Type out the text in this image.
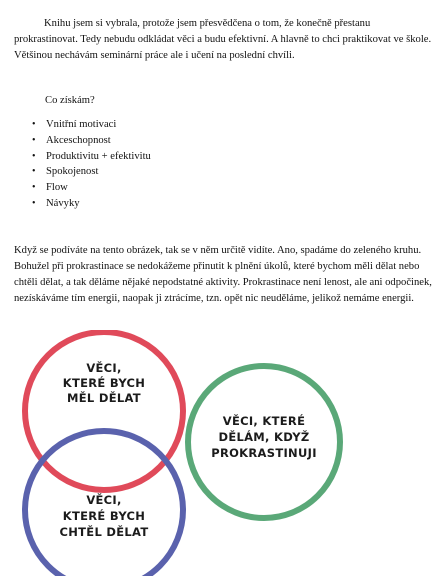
Knihu jsem si vybrala, protože jsem přesvědčena o tom, že konečně přestanu prokrastinovat. Tedy nebudu odkládat věci a budu efektivní. A hlavně to chci praktikovat ve škole. Většinou nechávám seminární práce ale i učení na poslední chvíli.

Co získám?

• Vnitřní motivaci
• Akceschopnost
• Produktivitu + efektivitu
• Spokojenost
• Flow
• Návyky

Když se podíváte na tento obrázek, tak se v něm určitě vidíte. Ano, spadáme do zeleného kruhu. Bohužel při prokrastinace se nedokážeme přinutit k plnění úkolů, které bychom měli dělat nebo chtěli dělat, a tak děláme nějaké nepodstatné aktivity. Prokrastinace není lenost, ale ani odpočinek, nezískáváme tím energii, naopak ji ztrácíme, tzn. opět nic neuděláme, jelikož nemáme energii.

VĚCI,
KTERÉ BYCH
MĚL DĚLAT
VĚCI,
KTERÉ BYCH
CHTĚL DĚLAT
VĚCI, KTERÉ
DĚLÁM, KDYŽ
PROKRASTINUJI
